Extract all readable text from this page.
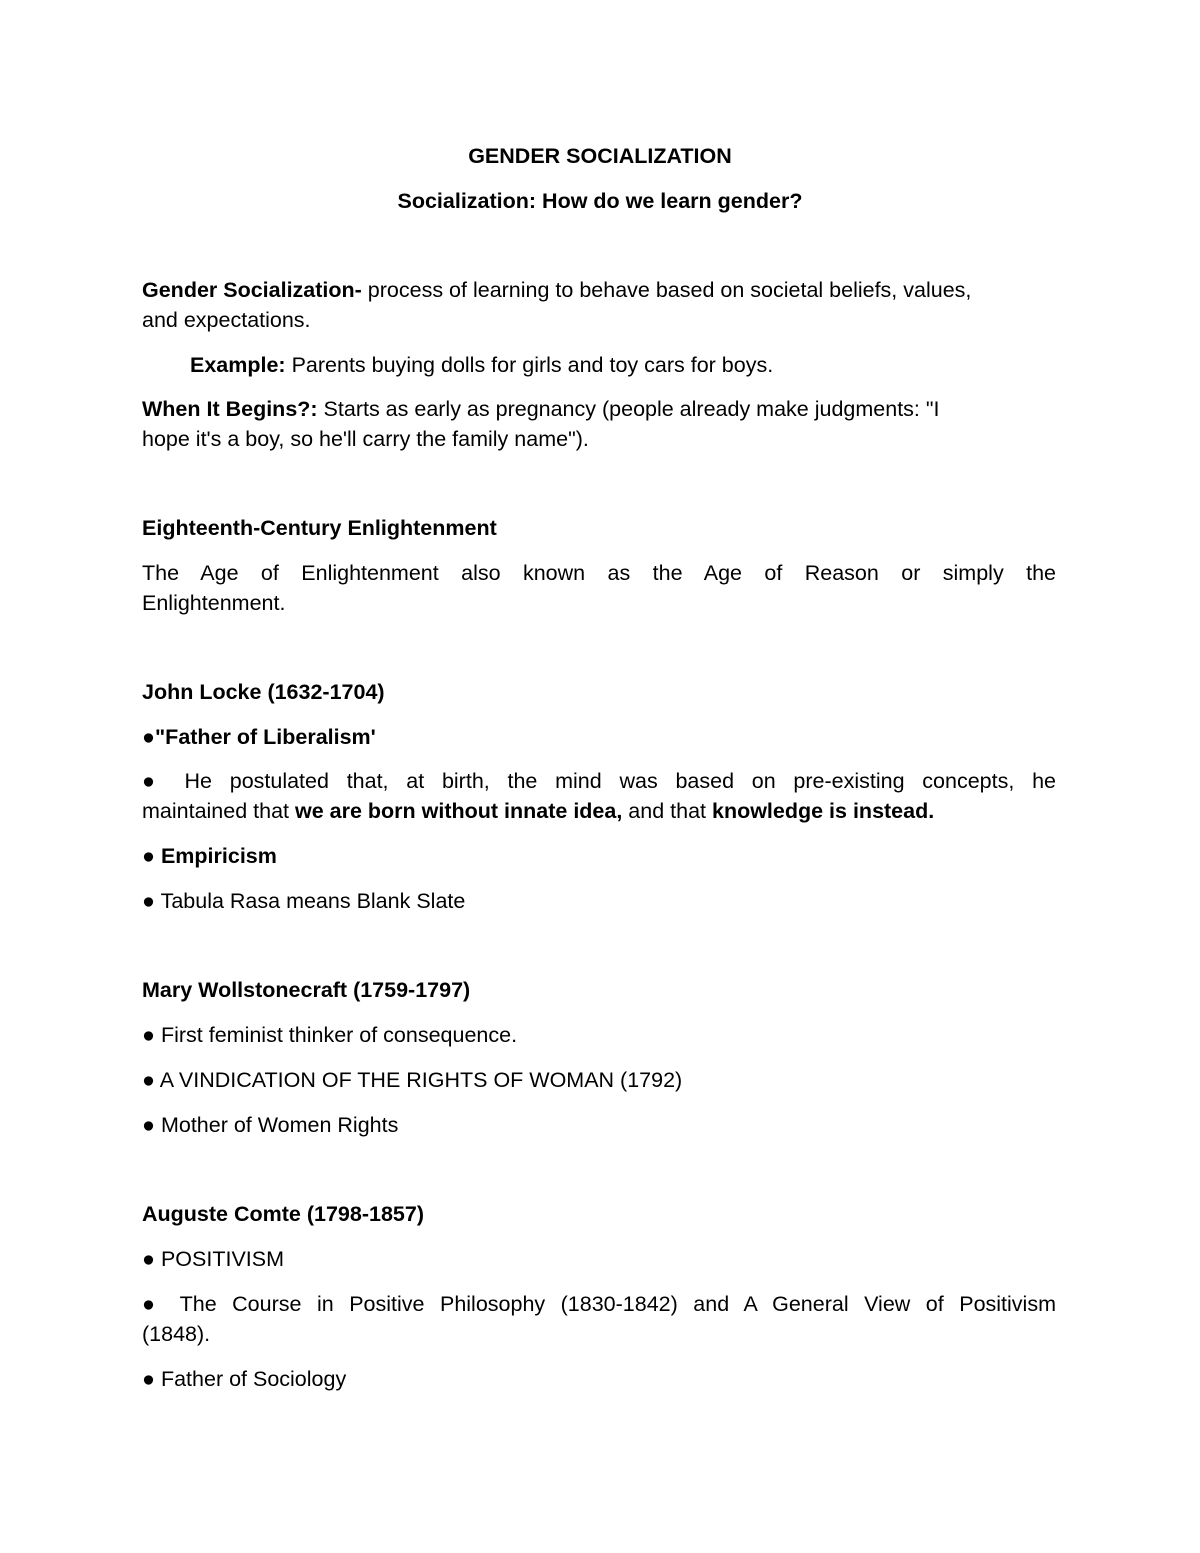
GENDER SOCIALIZATION
Socialization: How do we learn gender?
Gender Socialization- process of learning to behave based on societal beliefs, values,
and expectations.
Example: Parents buying dolls for girls and toy cars for boys.
When It Begins?: Starts as early as pregnancy (people already make judgments: "I
hope it's a boy, so he'll carry the family name").
Eighteenth-Century Enlightenment
The Age of Enlightenment also known as the Age of Reason or simply the
Enlightenment.
John Locke (1632-1704)
●"Father of Liberalism'
● He postulated that, at birth, the mind was based on pre-existing concepts, he
maintained that we are born without innate idea, and that knowledge is instead.
● Empiricism
● Tabula Rasa means Blank Slate
Mary Wollstonecraft (1759-1797)
● First feminist thinker of consequence.
● A VINDICATION OF THE RIGHTS OF WOMAN (1792)
● Mother of Women Rights
Auguste Comte (1798-1857)
● POSITIVISM
● The Course in Positive Philosophy (1830-1842) and A General View of Positivism
(1848).
● Father of Sociology
